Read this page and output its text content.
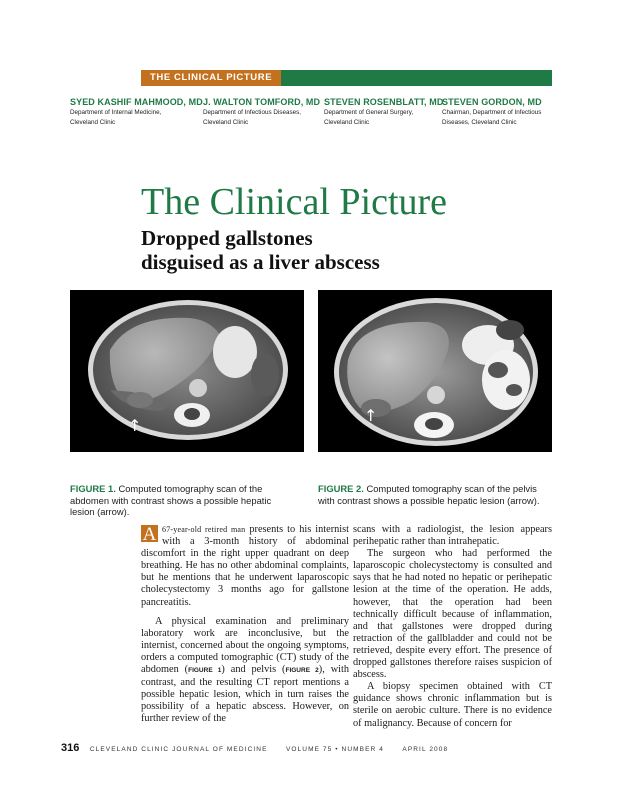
THE CLINICAL PICTURE
SYED KASHIF MAHMOOD, MD
Department of Internal Medicine,
Cleveland Clinic
J. WALTON TOMFORD, MD
Department of Infectious Diseases,
Cleveland Clinic
STEVEN ROSENBLATT, MD
Department of General Surgery,
Cleveland Clinic
STEVEN GORDON, MD
Chairman, Department of Infectious
Diseases, Cleveland Clinic
The Clinical Picture
Dropped gallstones
disguised as a liver abscess
↑
↑
FIGURE 1. Computed tomography scan of the abdomen with contrast shows a possible hepatic lesion (arrow).
FIGURE 2. Computed tomography scan of the pelvis with contrast shows a possible hepatic lesion (arrow).

A 67-year-old retired man presents to his internist with a 3-month history of abdominal discomfort in the right upper quadrant on deep breathing. He has no other abdominal complaints, but he mentions that he underwent laparoscopic cholecystectomy 3 months ago for gallstone pancreatitis.

A physical examination and preliminary laboratory work are inconclusive, but the internist, concerned about the ongoing symptoms, orders a computed tomographic (CT) study of the abdomen (FIGURE 1) and pelvis (FIGURE 2), with contrast, and the resulting CT report mentions a possible hepatic lesion, which in turn raises the possibility of a hepatic abscess. However, on further review of the

scans with a radiologist, the lesion appears perihepatic rather than intrahepatic.

The surgeon who had performed the laparoscopic cholecystectomy is consulted and says that he had noted no hepatic or perihepatic lesion at the time of the operation. He adds, however, that the operation had been technically difficult because of inflammation, and that gallstones were dropped during retraction of the gallbladder and could not be retrieved, despite every effort. The presence of dropped gallstones therefore raises suspicion of abscess.

A biopsy specimen obtained with CT guidance shows chronic inflammation but is sterile on aerobic culture. There is no evidence of malignancy. Because of concern for

316 CLEVELAND CLINIC JOURNAL OF MEDICINE	VOLUME 75 • NUMBER 4	APRIL 2008
